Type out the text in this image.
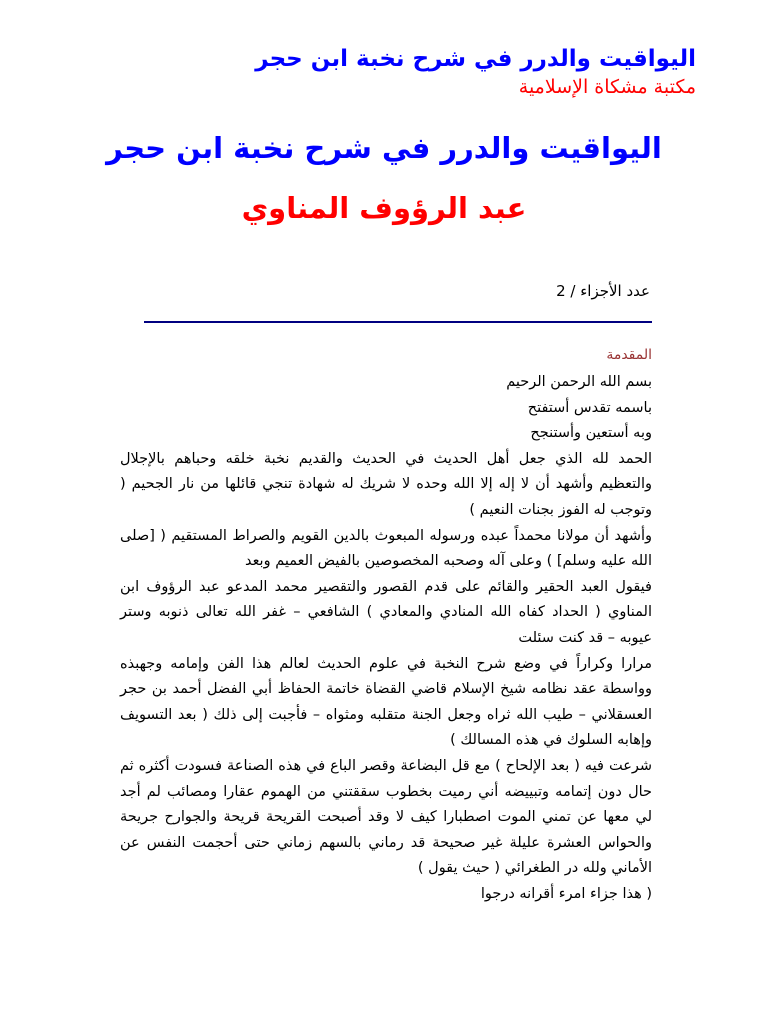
اليواقيت والدرر في شرح نخبة ابن حجر
مكتبة مشكاة الإسلامية
اليواقيت والدرر في شرح نخبة ابن حجر
عبد الرؤوف المناوي
عدد الأجزاء / 2

المقدمة

بسم الله الرحمن الرحيم

باسمه تقدس أستفتح

وبه أستعين وأستنجح

الحمد لله الذي جعل أهل الحديث في الحديث والقديم نخبة خلقه وحباهم بالإجلال والتعظيم وأشهد أن لا إله إلا الله وحده لا شريك له شهادة تنجي قائلها من نار الجحيم ( وتوجب له الفوز بجنات النعيم )

وأشهد أن مولانا محمداً عبده ورسوله المبعوث بالدين القويم والصراط المستقيم ( [صلى الله عليه وسلم] ) وعلى آله وصحبه المخصوصين بالفيض العميم وبعد

فيقول العبد الحقير والقائم على قدم القصور والتقصير محمد المدعو عبد الرؤوف ابن المناوي ( الحداد كفاه الله المنادي والمعادي ) الشافعي – غفر الله تعالى ذنوبه وستر عيوبه – قد كنت سئلت

مرارا وكراراً في وضع شرح النخبة في علوم الحديث لعالم هذا الفن وإمامه وجهبذه وواسطة عقد نظامه شيخ الإسلام قاضي القضاة خاتمة الحفاظ أبي الفضل أحمد بن حجر العسقلاني – طيب الله ثراه وجعل الجنة متقلبه ومثواه – فأجبت إلى ذلك ( بعد التسويف وإهابه السلوك في هذه المسالك )

شرعت فيه ( بعد الإلحاح ) مع قل البضاعة وقصر الباع في هذه الصناعة فسودت أكثره ثم حال دون إتمامه وتبييضه أني رميت بخطوب سققتني من الهموم عقارا ومصائب لم أجد لي معها عن تمني الموت اصطبارا كيف لا وقد أصبحت القريحة قريحة والجوارح جريحة والحواس العشرة عليلة غير صحيحة قد رماني بالسهم زماني حتى أحجمت النفس عن الأماني ولله در الطغرائي ( حيث يقول )

( هذا جزاء امرء أقرانه درجوا
